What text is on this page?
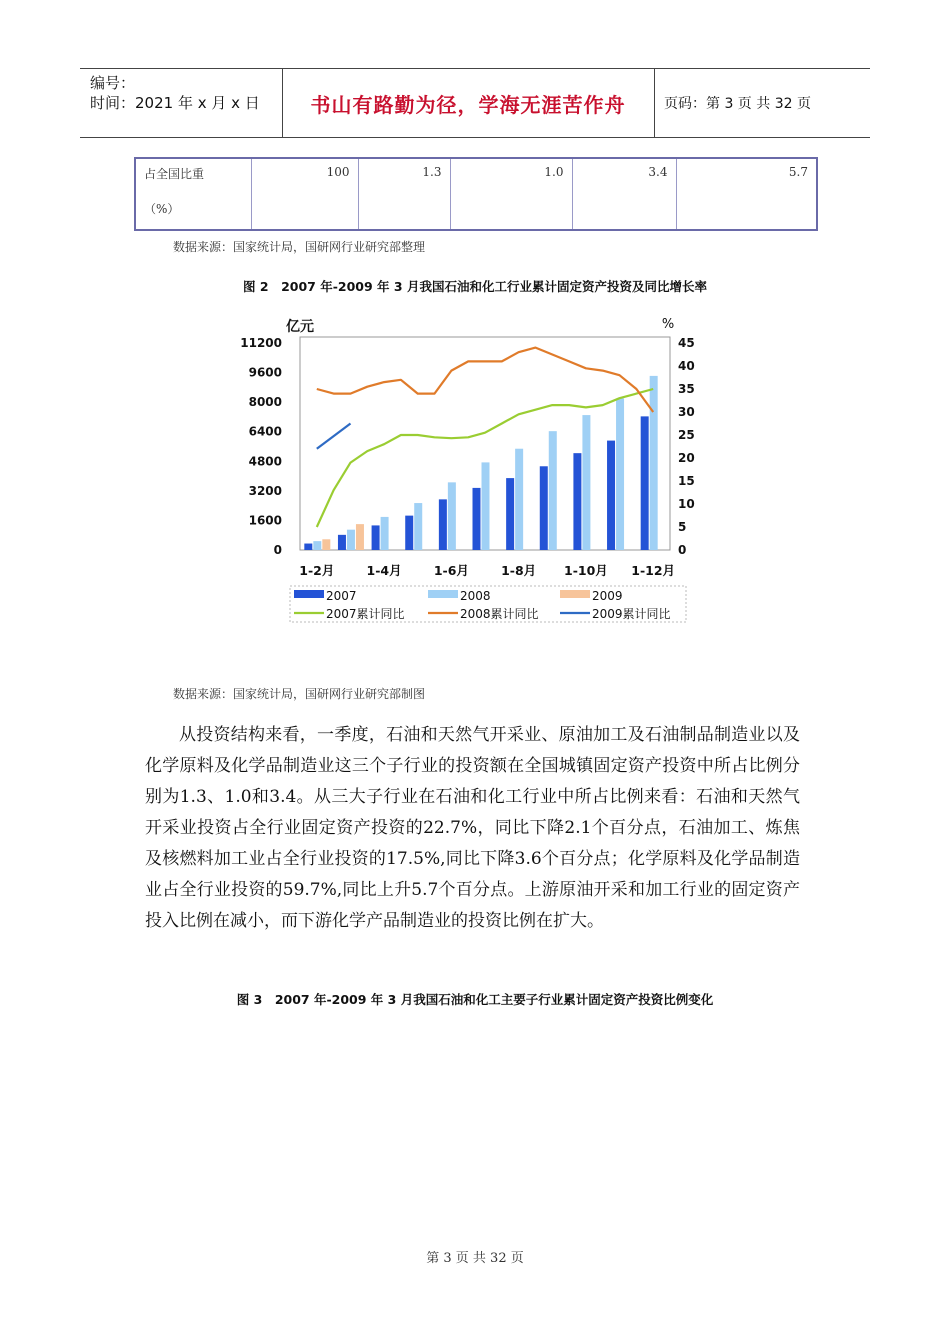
编号：
时间：2021 年 x 月 x 日	书山有路勤为径，学海无涯苦作舟	页码：第 3 页 共 32 页
占全国比重
（%）
	100	1.3	1.0	3.4	5.7
数据来源：国家统计局，国研网行业研究部整理
图 2　2007 年-2009 年 3 月我国石油和化工行业累计固定资产投资及同比增长率
亿元	%
11200
9600
8000
6400
4800
3200
1600
0
45
40
35
30
25
20
15
10
5
0
1-2月	1-4月	1-6月	1-8月 1-10月 1-12月
2007	2008	2009
2007累计同比	2008累计同比	2009累计同比
数据来源：国家统计局，国研网行业研究部制图

从投资结构来看，一季度，石油和天然气开采业、原油加工及石油制品制造业以及化学原料及化学品制造业这三个子行业的投资额在全国城镇固定资产投资中所占比例分别为1.3、1.0和3.4。从三大子行业在石油和化工行业中所占比例来看：石油和天然气开采业投资占全行业固定资产投资的22.7%，同比下降2.1个百分点，石油加工、炼焦及核燃料加工业占全行业投资的17.5%,同比下降3.6个百分点；化学原料及化学品制造业占全行业投资的59.7%,同比上升5.7个百分点。上游原油开采和加工行业的固定资产投入比例在减小，而下游化学产品制造业的投资比例在扩大。

图 3　2007 年-2009 年 3 月我国石油和化工主要子行业累计固定资产投资比例变化
第 3 页 共 32 页
